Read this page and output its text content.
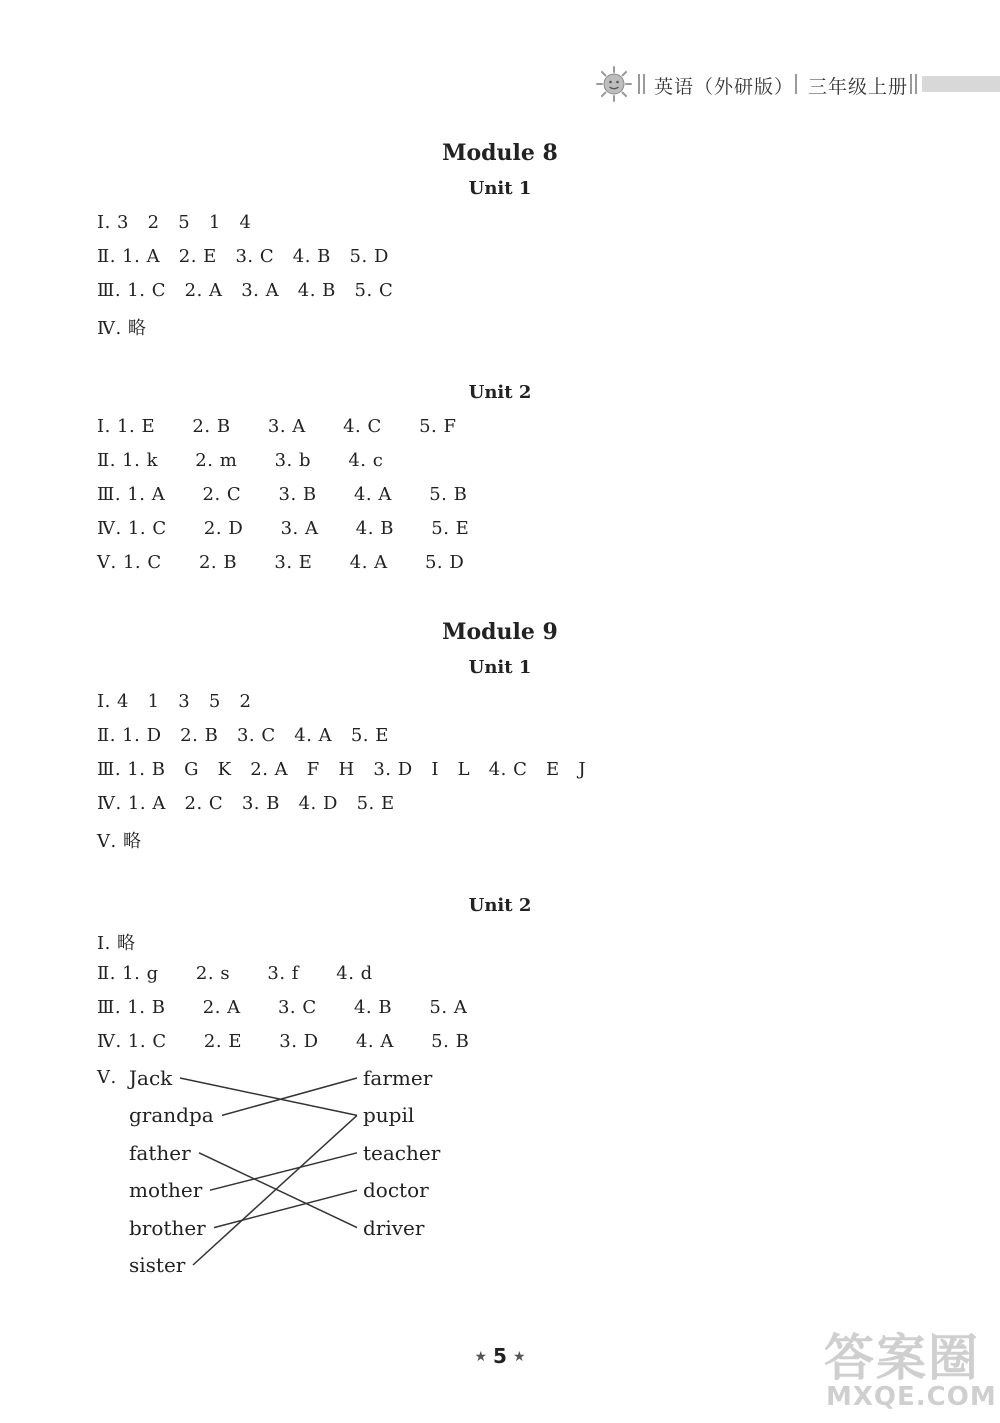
英语（外研版） 三年级上册
Module 8
Unit 1
Ⅰ. 3   2   5   1   4
Ⅱ. 1. A   2. E   3. C   4. B   5. D
Ⅲ. 1. C   2. A   3. A   4. B   5. C
Ⅳ. 略
Unit 2
Ⅰ. 1. E      2. B      3. A      4. C      5. F
Ⅱ. 1. k      2. m      3. b      4. c
Ⅲ. 1. A      2. C      3. B      4. A      5. B
Ⅳ. 1. C      2. D      3. A      4. B      5. E
Ⅴ. 1. C      2. B      3. E      4. A      5. D
Module 9
Unit 1
Ⅰ. 4   1   3   5   2
Ⅱ. 1. D   2. B   3. C   4. A   5. E
Ⅲ. 1. B   G   K   2. A   F   H   3. D   I   L   4. C   E   J
Ⅳ. 1. A   2. C   3. B   4. D   5. E
Ⅴ. 略
Unit 2
Ⅰ. 略
Ⅱ. 1. g      2. s      3. f      4. d
Ⅲ. 1. B      2. A      3. C      4. B      5. A
Ⅳ. 1. C      2. E      3. D      4. A      5. B
Ⅴ. Jack
grandpa
father
mother
brother
sister
farmer
pupil
teacher
doctor
driver
★ 5 ★	答案圈
MXQE.COM
